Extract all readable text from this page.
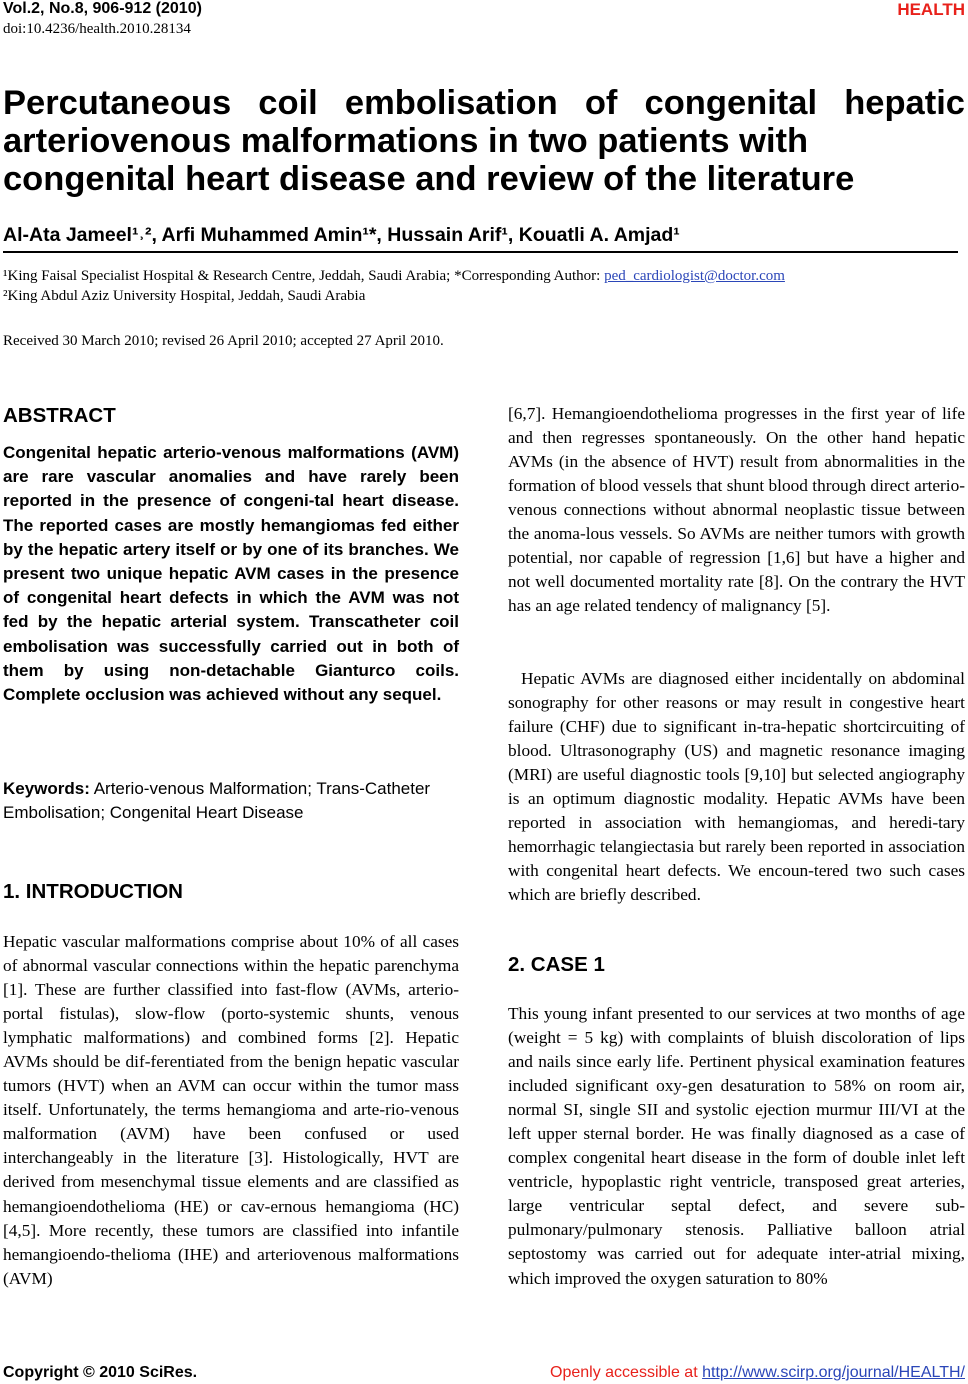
Vol.2, No.8, 906-912 (2010)
doi:10.4236/health.2010.28134
HEALTH
Percutaneous coil embolisation of congenital hepatic
arteriovenous malformations in two patients with
congenital heart disease and review of the literature
Al-Ata Jameel¹˒², Arfi Muhammed Amin¹*, Hussain Arif¹, Kouatli A. Amjad¹
¹King Faisal Specialist Hospital & Research Centre, Jeddah, Saudi Arabia; *Corresponding Author: ped_cardiologist@doctor.com
²King Abdul Aziz University Hospital, Jeddah, Saudi Arabia
Received 30 March 2010; revised 26 April 2010; accepted 27 April 2010.
ABSTRACT
Congenital hepatic arterio-venous malformations (AVM) are rare vascular anomalies and have rarely been reported in the presence of congeni-tal heart disease. The reported cases are mostly hemangiomas fed either by the hepatic artery itself or by one of its branches. We present two unique hepatic AVM cases in the presence of congenital heart defects in which the AVM was not fed by the hepatic arterial system. Transcatheter coil embolisation was successfully carried out in both of them by using non-detachable Gianturco coils. Complete occlusion was achieved without any sequel.
Keywords: Arterio-venous Malformation; Trans-Catheter Embolisation; Congenital Heart Disease
1. INTRODUCTION
Hepatic vascular malformations comprise about 10% of all cases of abnormal vascular connections within the hepatic parenchyma [1]. These are further classified into fast-flow (AVMs, arterio-portal fistulas), slow-flow (porto-systemic shunts, venous lymphatic malformations) and combined forms [2]. Hepatic AVMs should be dif-ferentiated from the benign hepatic vascular tumors (HVT) when an AVM can occur within the tumor mass itself. Unfortunately, the terms hemangioma and arte-rio-venous malformation (AVM) have been confused or used interchangeably in the literature [3]. Histologically, HVT are derived from mesenchymal tissue elements and are classified as hemangioendothelioma (HE) or cav-ernous hemangioma (HC) [4,5]. More recently, these tumors are classified into infantile hemangioendo-thelioma (IHE) and arteriovenous malformations (AVM)
[6,7]. Hemangioendothelioma progresses in the first year of life and then regresses spontaneously. On the other hand hepatic AVMs (in the absence of HVT) result from abnormalities in the formation of blood vessels that shunt blood through direct arterio-venous connections without abnormal neoplastic tissue between the anoma-lous vessels. So AVMs are neither tumors with growth potential, nor capable of regression [1,6] but have a higher and not well documented mortality rate [8]. On the contrary the HVT has an age related tendency of malignancy [5].
Hepatic AVMs are diagnosed either incidentally on abdominal sonography for other reasons or may result in congestive heart failure (CHF) due to significant in-tra-hepatic shortcircuiting of blood. Ultrasonography (US) and magnetic resonance imaging (MRI) are useful diagnostic tools [9,10] but selected angiography is an optimum diagnostic modality. Hepatic AVMs have been reported in association with hemangiomas, and heredi-tary hemorrhagic telangiectasia but rarely been reported in association with congenital heart defects. We encoun-tered two such cases which are briefly described.
2. CASE 1
This young infant presented to our services at two months of age (weight = 5 kg) with complaints of bluish discoloration of lips and nails since early life. Pertinent physical examination features included significant oxy-gen desaturation to 58% on room air, normal SI, single SII and systolic ejection murmur III/VI at the left upper sternal border. He was finally diagnosed as a case of complex congenital heart disease in the form of double inlet left ventricle, hypoplastic right ventricle, transposed great arteries, large ventricular septal defect, and severe sub-pulmonary/pulmonary stenosis. Palliative balloon atrial septostomy was carried out for adequate inter-atrial mixing, which improved the oxygen saturation to 80%
Copyright © 2010 SciRes.	Openly accessible at http://www.scirp.org/journal/HEALTH/
